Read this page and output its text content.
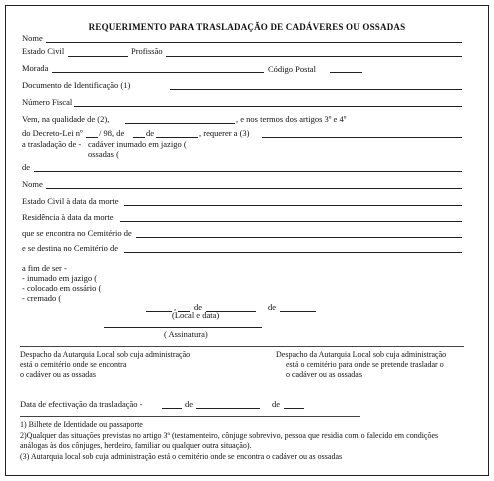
REQUERIMENTO PARA TRASLADAÇÃO DE CADÁVERES OU OSSADAS
Nome
Estado Civil	Profissão
Morada	Código Postal
Documento de Identificação (1)
Número Fiscal
Vem, na qualidade de (2),	, e nos termos dos artigos 3º e 4º
do Decreto-Lei nº / 98, de	de	, requerer a (3)
a trasladação de - cadáver inumado em jazigo (
ossadas (
de
Nome
Estado Civil à data da morte
Residência à data da morte
que se encontra no Cemitério de
e se destina no Cemitério de
a fim de ser -
- inumado em jazigo (
- colocado em ossário (
- cremado (
, de	de
(Local e data)
( Assinatura)
Despacho da Autarquia Local sob cuja administração
está o cemitério onde se encontra
o cadáver ou as ossadas
Despacho da Autarquia Local sob cuja administração
está o cemitério para onde se pretende trasladar o
o cadáver ou as ossadas
Data de efectivação da trasladação -	de	de
1) Bilhete de Identidade ou passaporte
2)Qualquer das situações previstas no artigo 3º (testamenteiro, cônjuge sobrevivo, pessoa que residia com o falecido em condições
análogas às dos cônjuges, herdeiro, familiar ou qualquer outra situação).
(3) Autarquia local sob cuja administração está o cemitério onde se encontra o cadáver ou as ossadas
